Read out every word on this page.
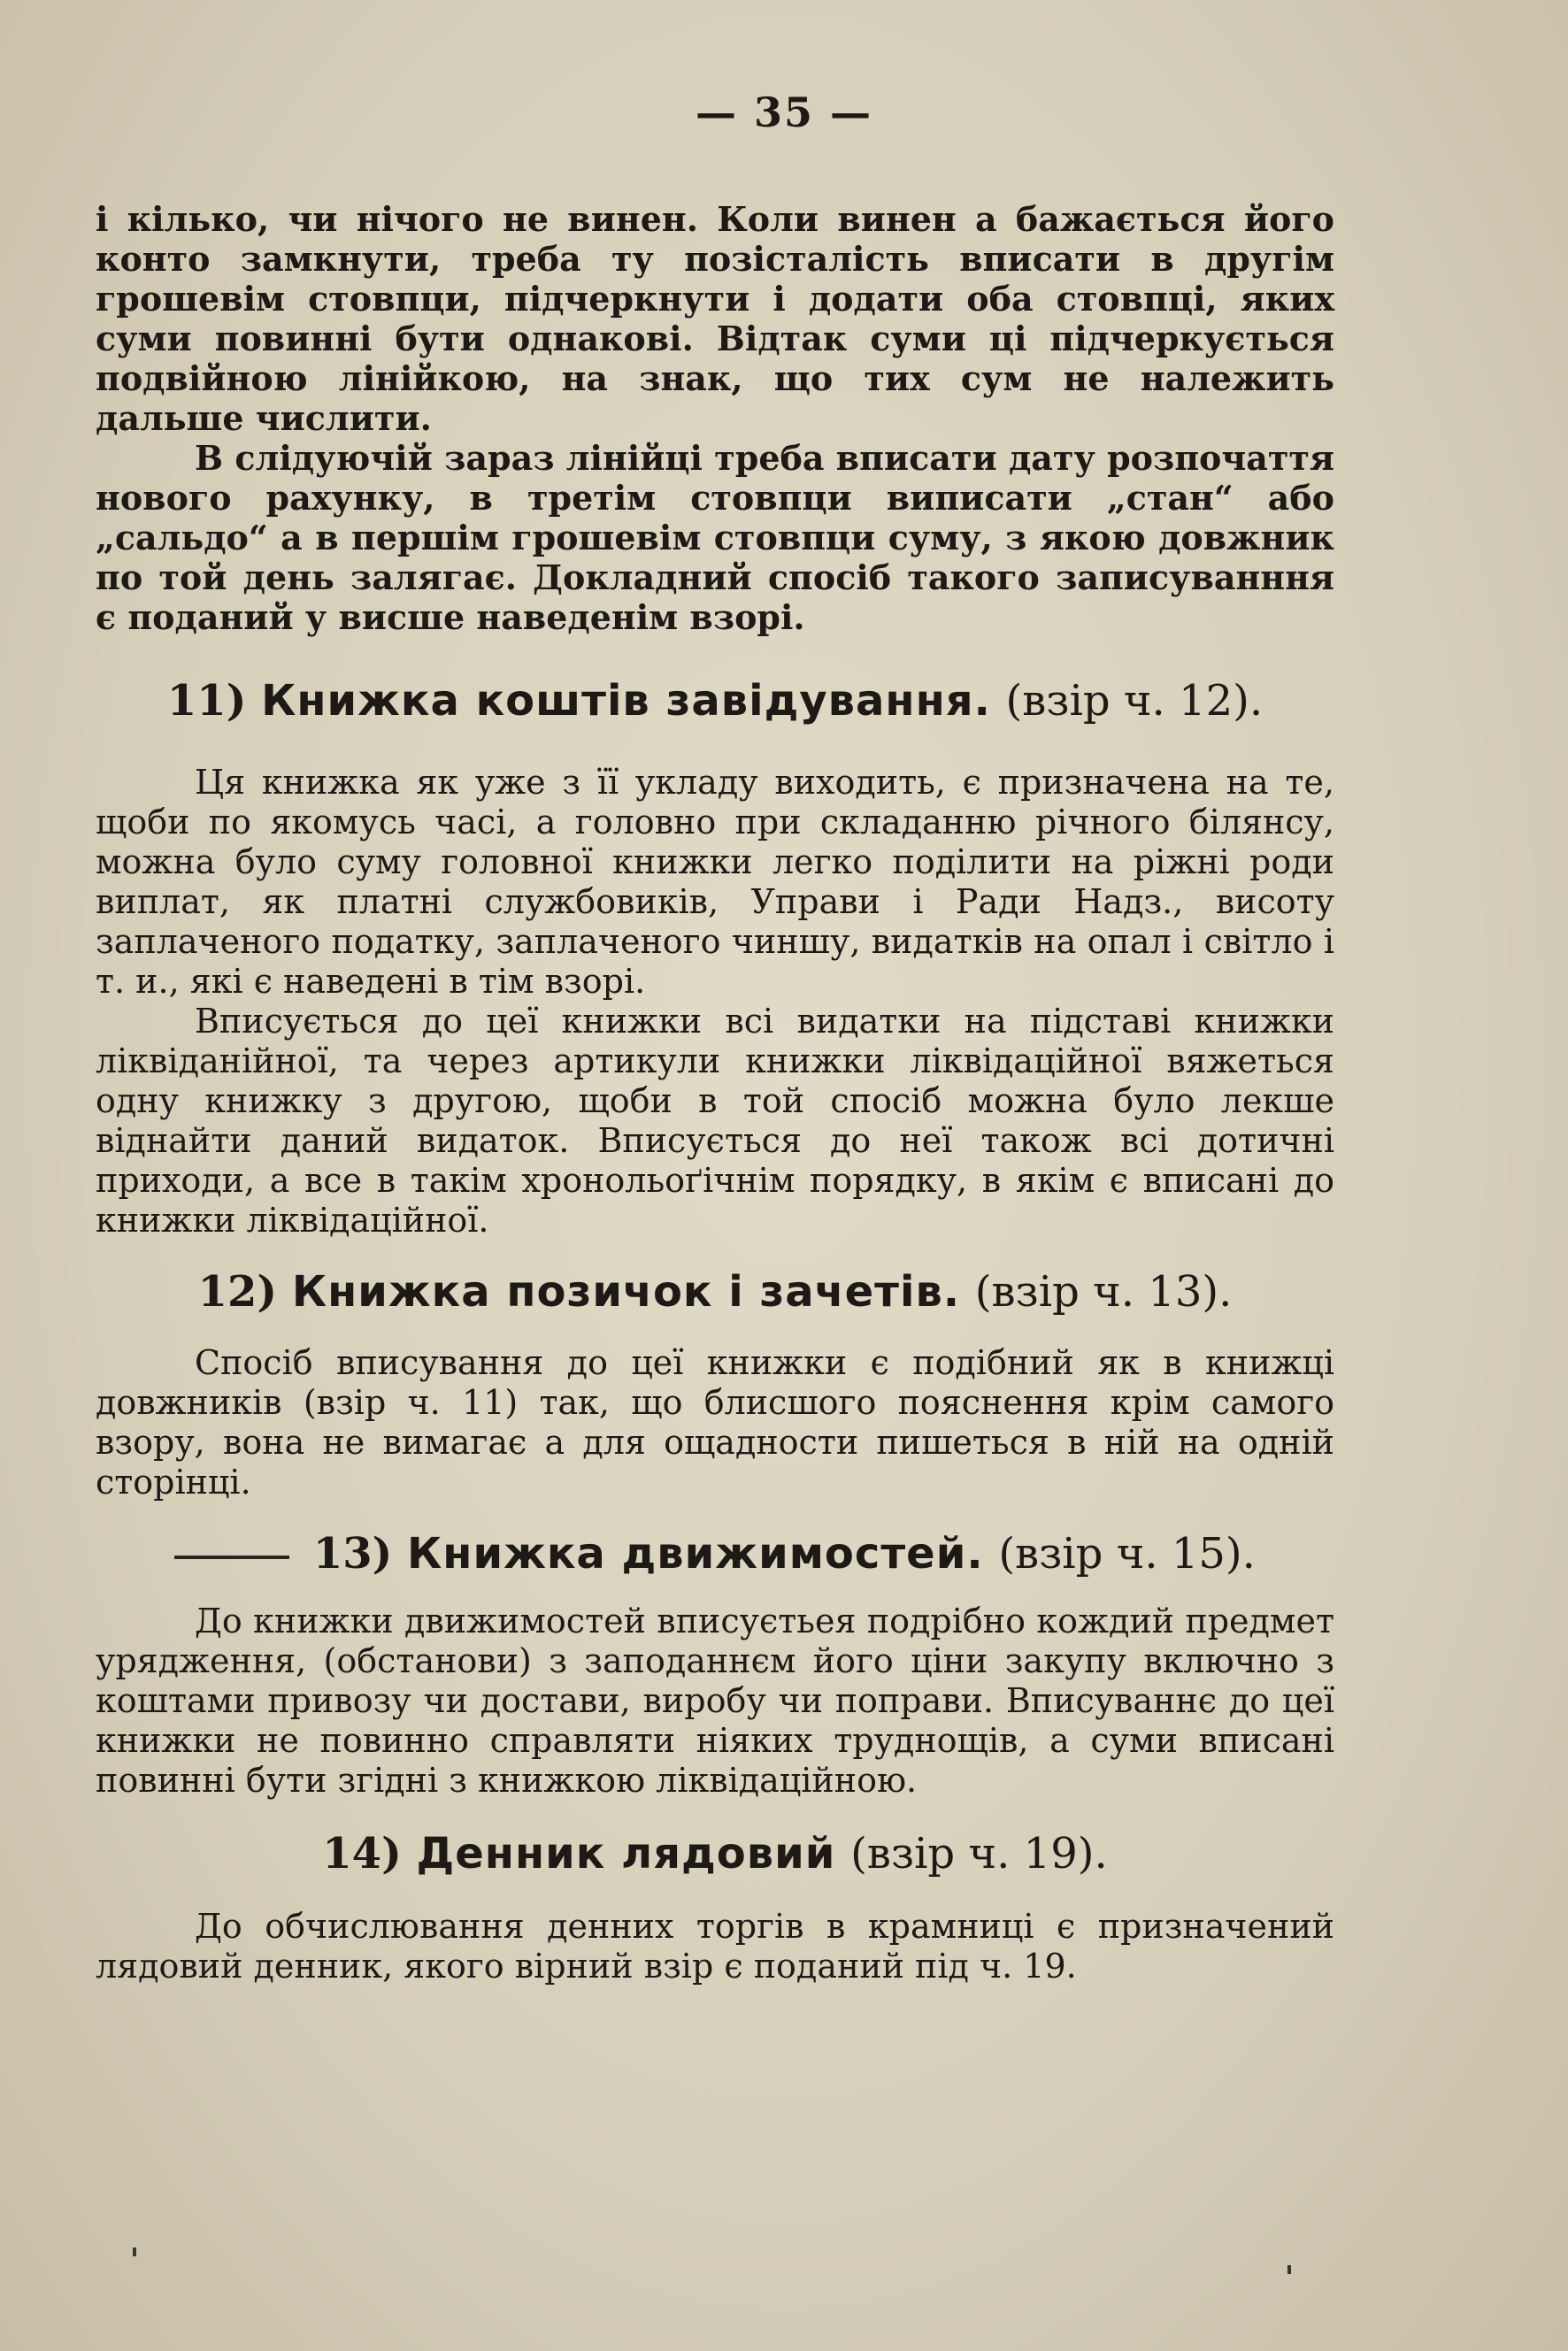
— 35 —

і кілько, чи нічого не винен. Коли винен а бажається його конто замкнути, треба ту позісталість вписати в другім грошевім стовпци, підчеркнути і додати оба стовпці, яких суми повинні бути однакові. Відтак суми ці підчеркується подвійною лінійкою, на знак, що тих сум не належить дальше числити.

В слідуючій зараз лінійці треба вписати дату розпочаття нового рахунку, в третім стовпци виписати „стан“ або „сальдо“ а в першім грошевім стовпци суму, з якою довжник по той день залягає. Докладний спосіб такого записуванння є поданий у висше наведенім взорі.

11) Книжка коштів завідування. (взір ч. 12).

Ця книжка як уже з її укладу виходить, є призначена на те, щоби по якомусь часі, а головно при складанню річного білянсу, можна було суму головної книжки легко поділити на ріжні роди виплат, як платні службовиків, Управи і Ради Надз., висоту заплаченого податку, заплаченого чиншу, видатків на опал і світло і т. и., які є наведені в тім взорі.

Вписується до цеї книжки всі видатки на підставі книжки ліквіданійної, та через артикули книжки ліквідаційної вяжеться одну книжку з другою, щоби в той спосіб можна було лекше віднайти даний видаток. Вписується до неї також всі дотичні приходи, а все в такім хронольоґічнім порядку, в якім є вписані до книжки ліквідаційної.

12) Книжка позичок і зачетів. (взір ч. 13).

Спосіб вписування до цеї книжки є подібний як в книжці довжників (взір ч. 11) так, що блисшого пояснення крім самого взору, вона не вимагає а для ощадности пишеться в ній на одній сторінці.

13) Книжка движимостей. (взір ч. 15).

До книжки движимостей вписуєтьея подрібно кождий предмет урядження, (обстанови) з заподаннєм його ціни закупу включно з коштами привозу чи достави, виробу чи поправи. Вписуваннє до цеї книжки не повинно справляти ніяких труднощів, а суми вписані повинні бути згідні з книжкою ліквідаційною.

14) Денник лядовий (взір ч. 19).

До обчислювання денних торгів в крамниці є призначений лядовий денник, якого вірний взір є поданий під ч. 19.
